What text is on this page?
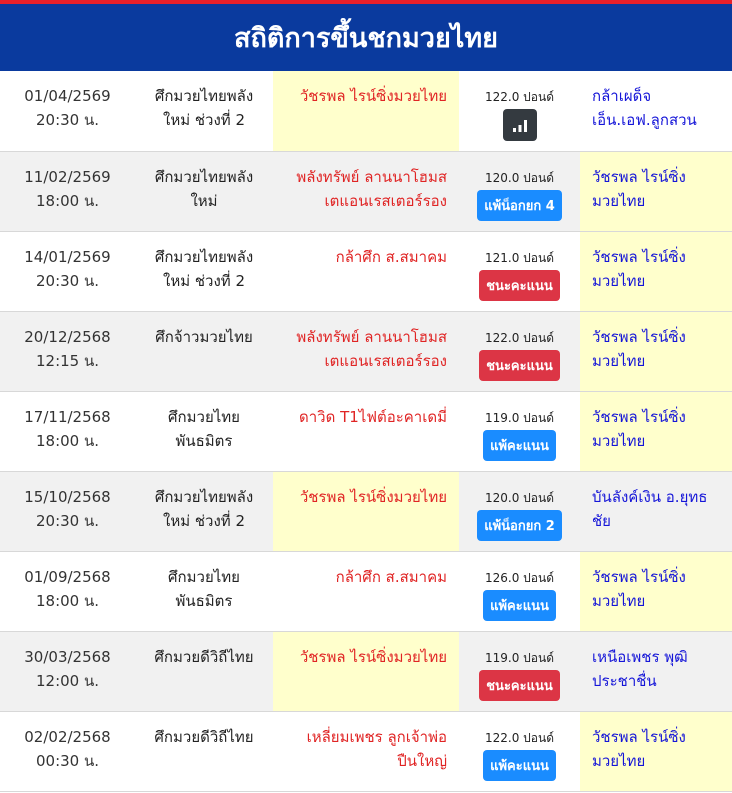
สถิติการขึ้นชกมวยไทย
01/04/2569
20:30 น.	ศึกมวยไทยพลัง
ใหม่ ช่วงที่ 2	วัชรพล ไรน์ซิ่งมวยไทย	122.0 ปอนด์	กล้าเผด็จ
เอ็น.เอฟ.ลูกสวน

11/02/2569
18:00 น.	ศึกมวยไทยพลัง
ใหม่	พลังทรัพย์ ลานนาโฮมส
เตแอนเรสเตอร์รอง	120.0 ปอนด์
แพ้น็อกยก 4	วัชรพล ไรน์ซิ่ง
มวยไทย

14/01/2569
20:30 น.	ศึกมวยไทยพลัง
ใหม่ ช่วงที่ 2	กล้าศึก ส.สมาคม	121.0 ปอนด์
ชนะคะแนน	วัชรพล ไรน์ซิ่ง
มวยไทย

20/12/2568
12:15 น.	ศึกจ้าวมวยไทย	พลังทรัพย์ ลานนาโฮมส
เตแอนเรสเตอร์รอง	122.0 ปอนด์
ชนะคะแนน	วัชรพล ไรน์ซิ่ง
มวยไทย

17/11/2568
18:00 น.	ศึกมวยไทย
พันธมิตร	ดาวิด T1ไฟต์อะคาเดมี่	119.0 ปอนด์
แพ้คะแนน	วัชรพล ไรน์ซิ่ง
มวยไทย

15/10/2568
20:30 น.	ศึกมวยไทยพลัง
ใหม่ ช่วงที่ 2	วัชรพล ไรน์ซิ่งมวยไทย	120.0 ปอนด์
แพ้น็อกยก 2	บันลังค์เงิน อ.ยุทธ
ชัย

01/09/2568
18:00 น.	ศึกมวยไทย
พันธมิตร	กล้าศึก ส.สมาคม	126.0 ปอนด์
แพ้คะแนน	วัชรพล ไรน์ซิ่ง
มวยไทย

30/03/2568
12:00 น.	ศึกมวยดีวิถีไทย	วัชรพล ไรน์ซิ่งมวยไทย	119.0 ปอนด์
ชนะคะแนน	เหนือเพชร พุฒิ
ประชาชื่น

02/02/2568
00:30 น.	ศึกมวยดีวิถีไทย	เหลี่ยมเพชร ลูกเจ้าพ่อ
ปืนใหญ่	122.0 ปอนด์
แพ้คะแนน	วัชรพล ไรน์ซิ่ง
มวยไทย
